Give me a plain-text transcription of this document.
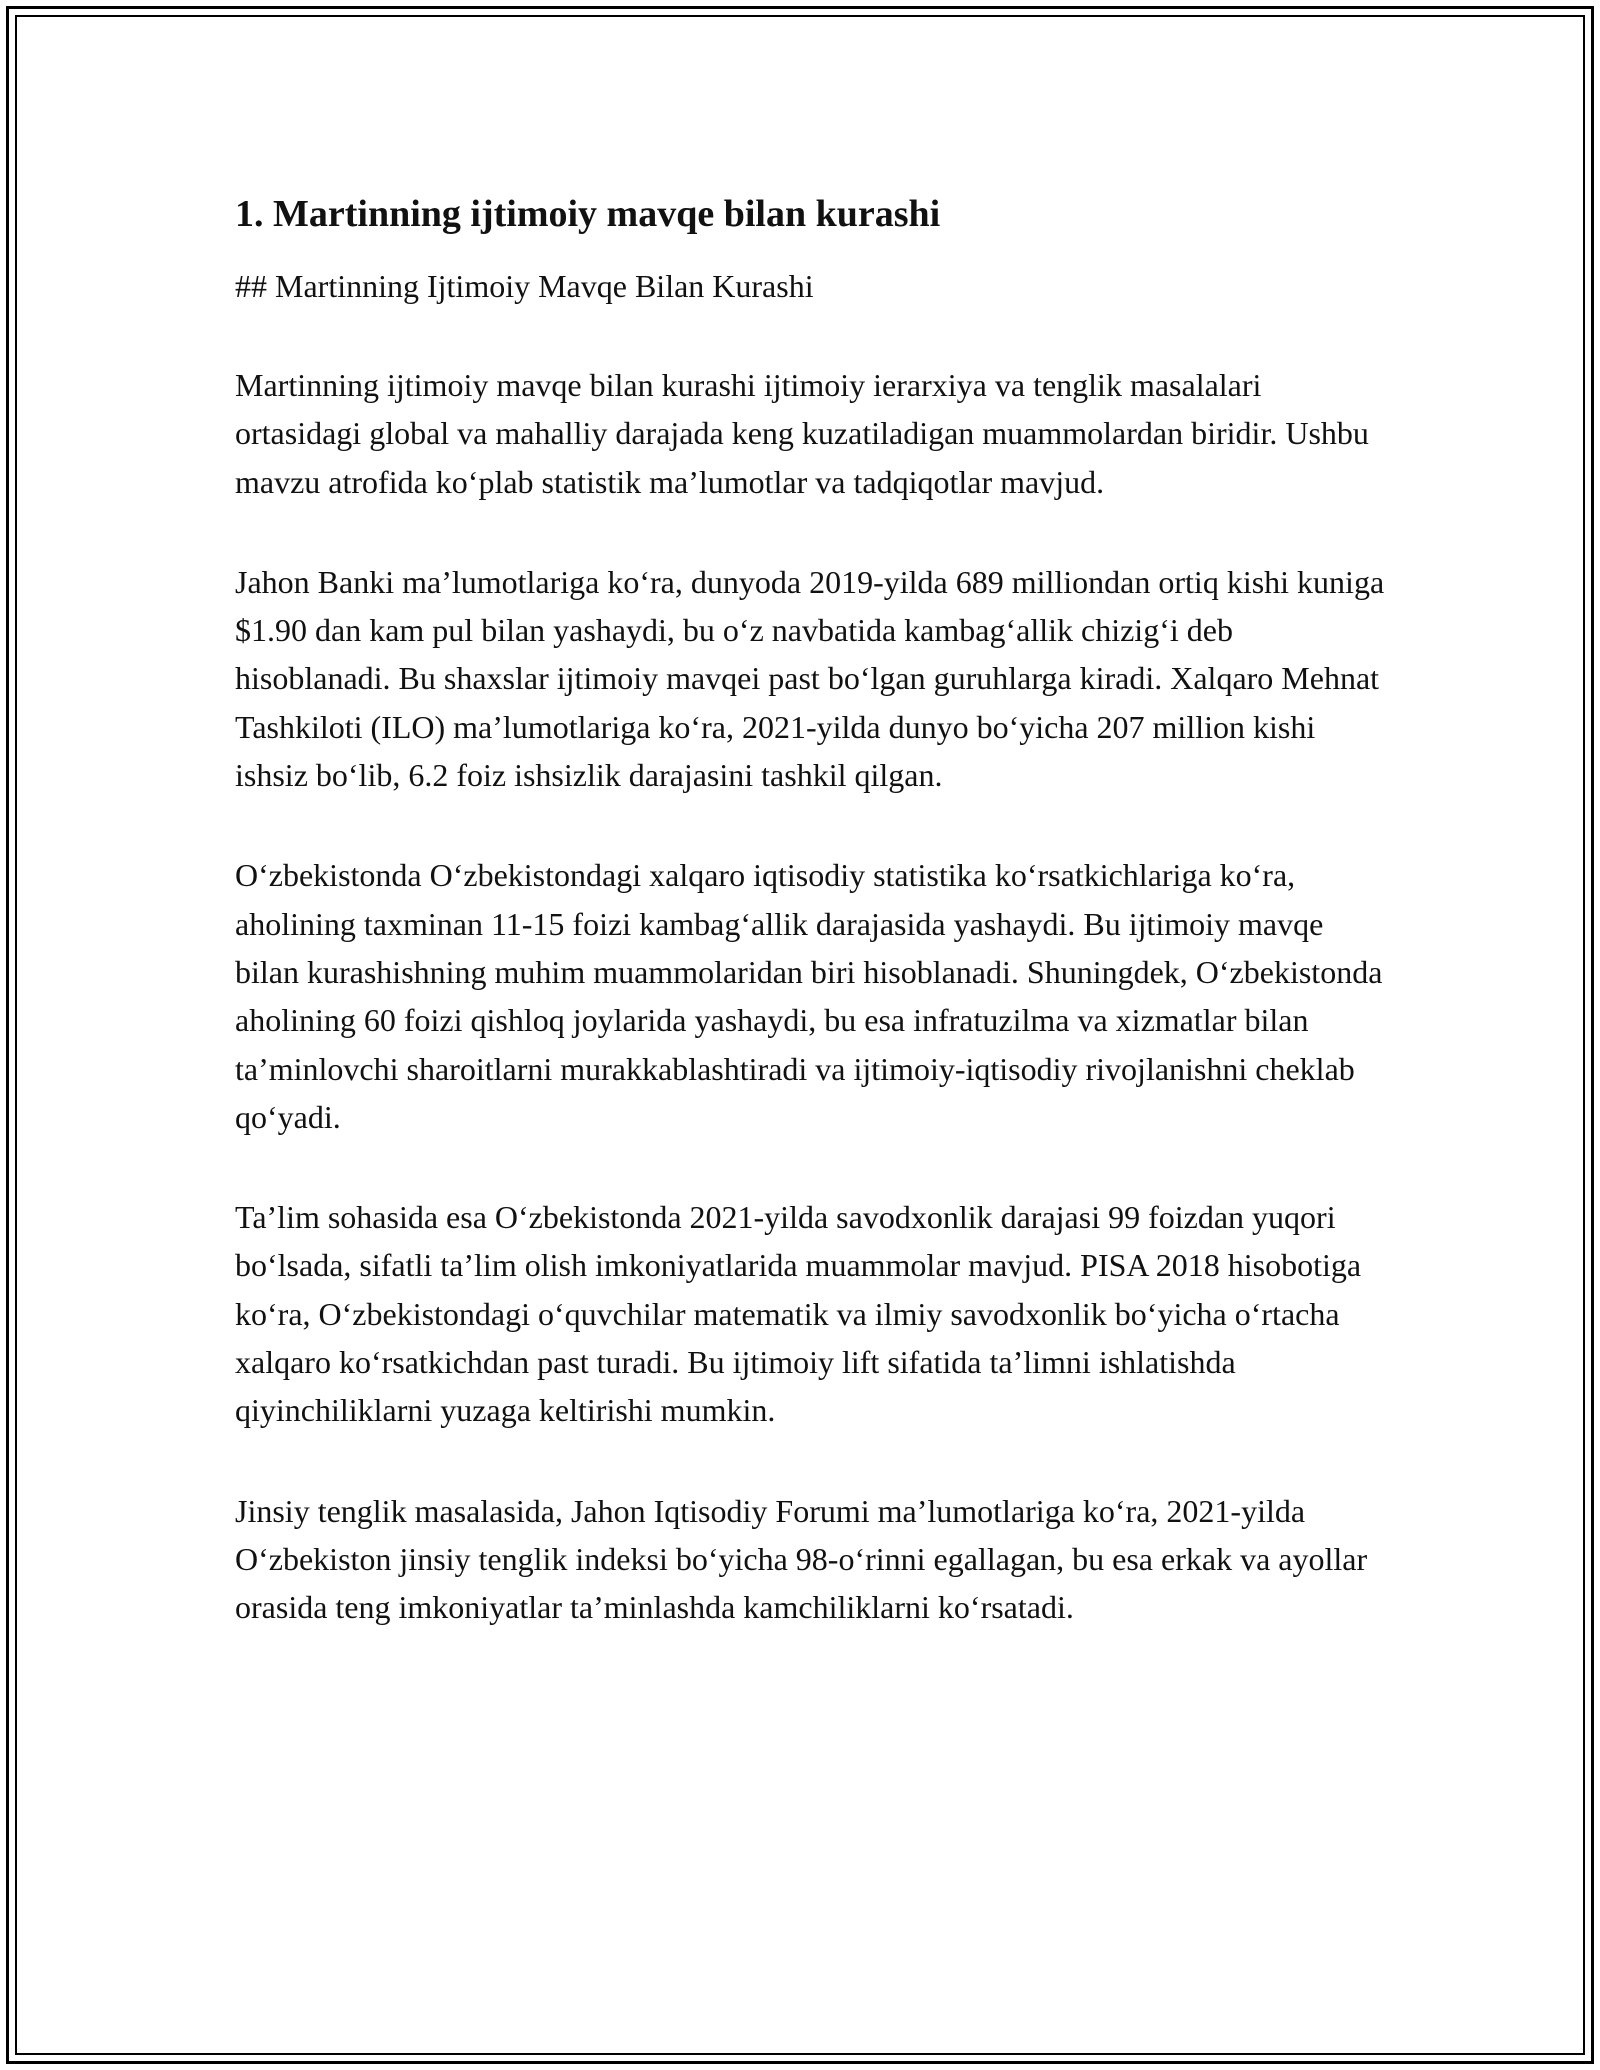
1. Martinning ijtimoiy mavqe bilan kurashi

## Martinning Ijtimoiy Mavqe Bilan Kurashi

Martinning ijtimoiy mavqe bilan kurashi ijtimoiy ierarxiya va tenglik masalalari ortasidagi global va mahalliy darajada keng kuzatiladigan muammolardan biridir. Ushbu mavzu atrofida koʻplab statistik maʼlumotlar va tadqiqotlar mavjud.

Jahon Banki maʼlumotlariga koʻra, dunyoda 2019-yilda 689 milliondan ortiq kishi kuniga $1.90 dan kam pul bilan yashaydi, bu oʻz navbatida kambagʻallik chizigʻi deb hisoblanadi. Bu shaxslar ijtimoiy mavqei past boʻlgan guruhlarga kiradi. Xalqaro Mehnat Tashkiloti (ILO) maʼlumotlariga koʻra, 2021-yilda dunyo boʻyicha 207 million kishi ishsiz boʻlib, 6.2 foiz ishsizlik darajasini tashkil qilgan.

Oʻzbekistonda Oʻzbekistondagi xalqaro iqtisodiy statistika koʻrsatkichlariga koʻra, aholining taxminan 11-15 foizi kambagʻallik darajasida yashaydi. Bu ijtimoiy mavqe bilan kurashishning muhim muammolaridan biri hisoblanadi. Shuningdek, Oʻzbekistonda aholining 60 foizi qishloq joylarida yashaydi, bu esa infratuzilma va xizmatlar bilan taʼminlovchi sharoitlarni murakkablashtiradi va ijtimoiy-iqtisodiy rivojlanishni cheklab qoʻyadi.

Taʼlim sohasida esa Oʻzbekistonda 2021-yilda savodxonlik darajasi 99 foizdan yuqori boʻlsada, sifatli taʼlim olish imkoniyatlarida muammolar mavjud. PISA 2018 hisobotiga koʻra, Oʻzbekistondagi oʻquvchilar matematik va ilmiy savodxonlik boʻyicha oʻrtacha xalqaro koʻrsatkichdan past turadi. Bu ijtimoiy lift sifatida taʼlimni ishlatishda qiyinchiliklarni yuzaga keltirishi mumkin.

Jinsiy tenglik masalasida, Jahon Iqtisodiy Forumi maʼlumotlariga koʻra, 2021-yilda Oʻzbekiston jinsiy tenglik indeksi boʻyicha 98-oʻrinni egallagan, bu esa erkak va ayollar orasida teng imkoniyatlar taʼminlashda kamchiliklarni koʻrsatadi.
